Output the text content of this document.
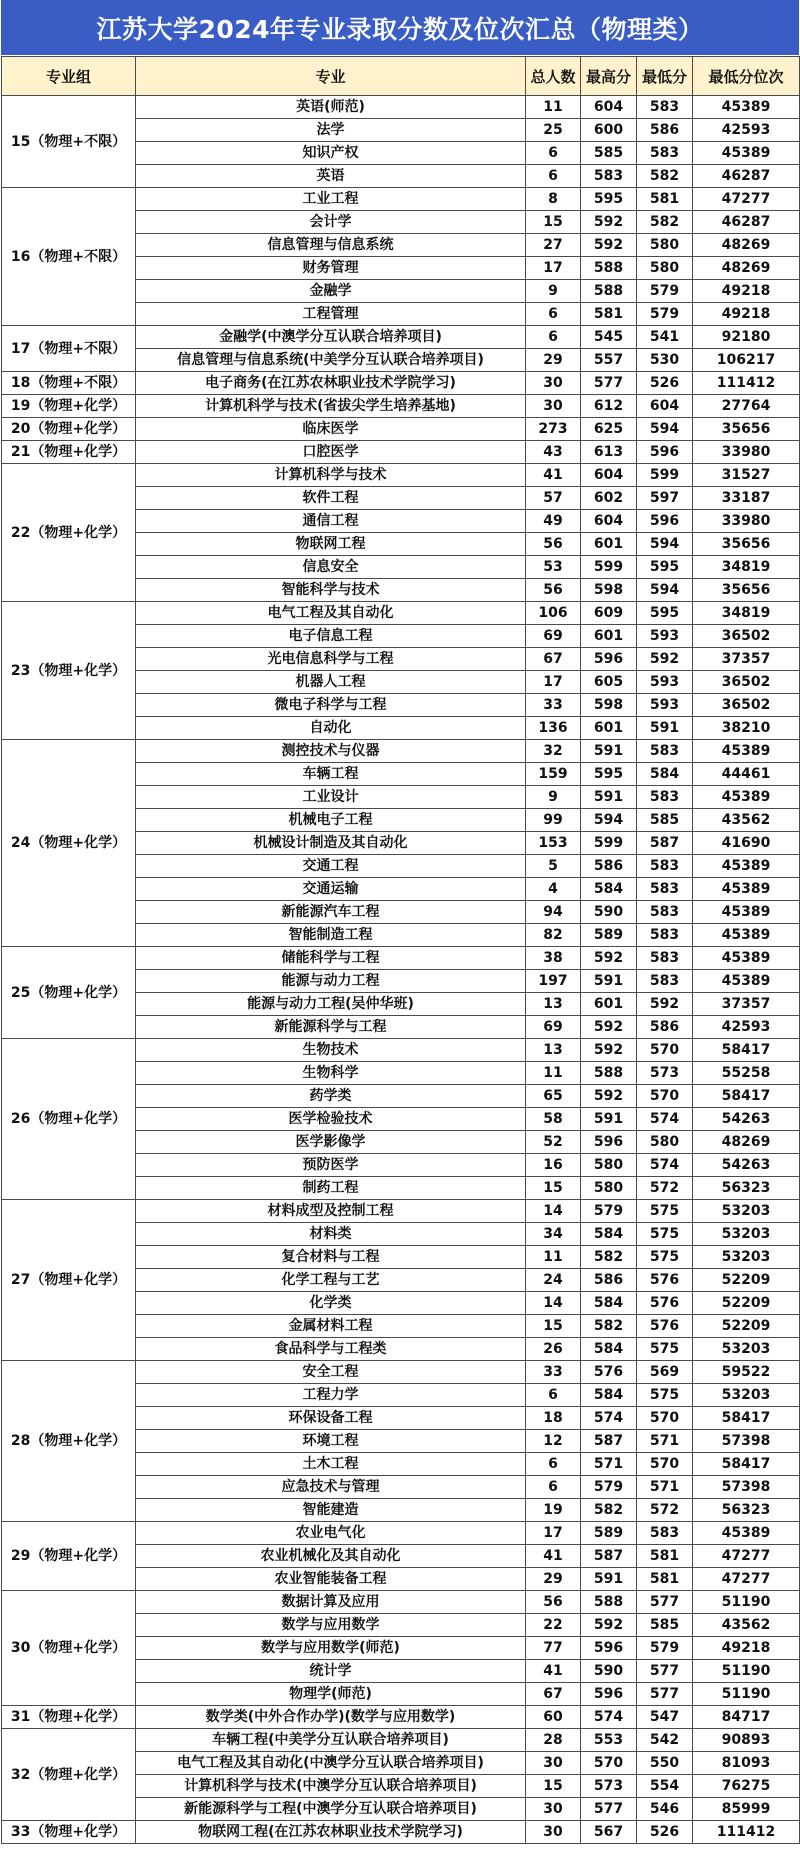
江苏大学2024年专业录取分数及位次汇总（物理类）
专业组	专业	总人数	最高分	最低分	最低分位次
15（物理+不限）	英语(师范)	11	604	583	45389
	法学	25	600	586	42593
	知识产权	6	585	583	45389
	英语	6	583	582	46287
16（物理+不限）	工业工程	8	595	581	47277
	会计学	15	592	582	46287
	信息管理与信息系统	27	592	580	48269
	财务管理	17	588	580	48269
	金融学	9	588	579	49218
	工程管理	6	581	579	49218
17（物理+不限）	金融学(中澳学分互认联合培养项目)	6	545	541	92180
	信息管理与信息系统(中美学分互认联合培养项目)	29	557	530	106217
18（物理+不限）	电子商务(在江苏农林职业技术学院学习)	30	577	526	111412
19（物理+化学）	计算机科学与技术(省拔尖学生培养基地)	30	612	604	27764
20（物理+化学）	临床医学	273	625	594	35656
21（物理+化学）	口腔医学	43	613	596	33980
22（物理+化学）	计算机科学与技术	41	604	599	31527
	软件工程	57	602	597	33187
	通信工程	49	604	596	33980
	物联网工程	56	601	594	35656
	信息安全	53	599	595	34819
	智能科学与技术	56	598	594	35656
23（物理+化学）	电气工程及其自动化	106	609	595	34819
	电子信息工程	69	601	593	36502
	光电信息科学与工程	67	596	592	37357
	机器人工程	17	605	593	36502
	微电子科学与工程	33	598	593	36502
	自动化	136	601	591	38210
24（物理+化学）	测控技术与仪器	32	591	583	45389
	车辆工程	159	595	584	44461
	工业设计	9	591	583	45389
	机械电子工程	99	594	585	43562
	机械设计制造及其自动化	153	599	587	41690
	交通工程	5	586	583	45389
	交通运输	4	584	583	45389
	新能源汽车工程	94	590	583	45389
	智能制造工程	82	589	583	45389
25（物理+化学）	储能科学与工程	38	592	583	45389
	能源与动力工程	197	591	583	45389
	能源与动力工程(吴仲华班)	13	601	592	37357
	新能源科学与工程	69	592	586	42593
26（物理+化学）	生物技术	13	592	570	58417
	生物科学	11	588	573	55258
	药学类	65	592	570	58417
	医学检验技术	58	591	574	54263
	医学影像学	52	596	580	48269
	预防医学	16	580	574	54263
	制药工程	15	580	572	56323
27（物理+化学）	材料成型及控制工程	14	579	575	53203
	材料类	34	584	575	53203
	复合材料与工程	11	582	575	53203
	化学工程与工艺	24	586	576	52209
	化学类	14	584	576	52209
	金属材料工程	15	582	576	52209
	食品科学与工程类	26	584	575	53203
28（物理+化学）	安全工程	33	576	569	59522
	工程力学	6	584	575	53203
	环保设备工程	18	574	570	58417
	环境工程	12	587	571	57398
	土木工程	6	571	570	58417
	应急技术与管理	6	579	571	57398
	智能建造	19	582	572	56323
29（物理+化学）	农业电气化	17	589	583	45389
	农业机械化及其自动化	41	587	581	47277
	农业智能装备工程	29	591	581	47277
30（物理+化学）	数据计算及应用	56	588	577	51190
	数学与应用数学	22	592	585	43562
	数学与应用数学(师范)	77	596	579	49218
	统计学	41	590	577	51190
	物理学(师范)	67	596	577	51190
31（物理+化学）	数学类(中外合作办学)(数学与应用数学)	60	574	547	84717
32（物理+化学）	车辆工程(中美学分互认联合培养项目)	28	553	542	90893
	电气工程及其自动化(中澳学分互认联合培养项目)	30	570	550	81093
	计算机科学与技术(中澳学分互认联合培养项目)	15	573	554	76275
	新能源科学与工程(中澳学分互认联合培养项目)	30	577	546	85999
33（物理+化学）	物联网工程(在江苏农林职业技术学院学习)	30	567	526	111412
